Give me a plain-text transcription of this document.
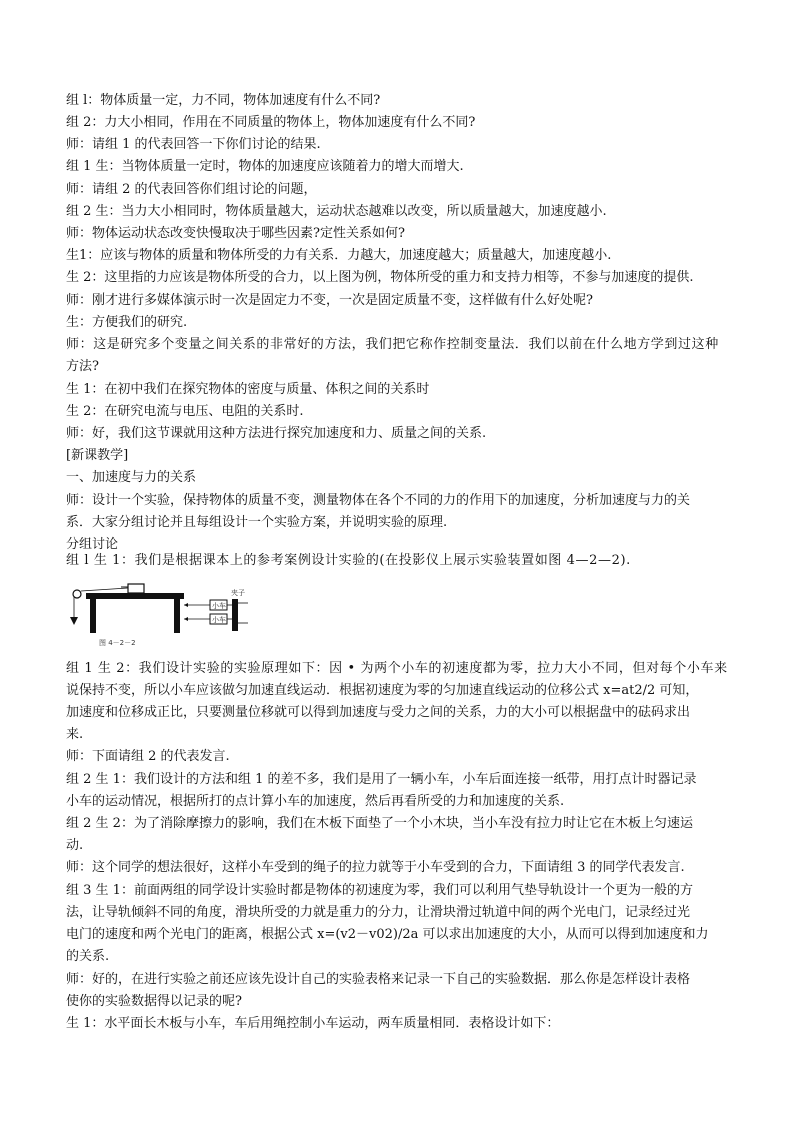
组 l：物体质量一定，力不同，物体加速度有什么不同?
组 2：力大小相同，作用在不同质量的物体上，物体加速度有什么不同?
师：请组 1 的代表回答一下你们讨论的结果.
组 1 生：当物体质量一定时，物体的加速度应该随着力的增大而增大.
师：请组 2 的代表回答你们组讨论的问题，
组 2 生：当力大小相同时，物体质量越大，运动状态越难以改变，所以质量越大，加速度越小.
师：物体运动状态改变快慢取决于哪些因素?定性关系如何?
生1：应该与物体的质量和物体所受的力有关系．力越大，加速度越大；质量越大，加速度越小.
生 2：这里指的力应该是物体所受的合力，以上图为例，物体所受的重力和支持力相等，不参与加速度的提供.
师：刚才进行多媒体演示时一次是固定力不变，一次是固定质量不变，这样做有什么好处呢?
生：方便我们的研究.
师：这是研究多个变量之间关系的非常好的方法，我们把它称作控制变量法．我们以前在什么地方学到过这种
方法?
生 1：在初中我们在探究物体的密度与质量、体积之间的关系时
生 2：在研究电流与电压、电阻的关系时.
师：好，我们这节课就用这种方法进行探究加速度和力、质量之间的关系.
[新课教学]
一、加速度与力的关系
师：设计一个实验，保持物体的质量不变，测量物体在各个不同的力的作用下的加速度，分析加速度与力的关
系．大家分组讨论并且每组设计一个实验方案，并说明实验的原理.
分组讨论
组 l 生 1：我们是根据课本上的参考案例设计实验的(在投影仪上展示实验装置如图 4—2—2).
小车
小车
夹子
图 4－2－2
组 1 生 2：我们设计实验的实验原理如下：因 • 为两个小车的初速度都为零，拉力大小不同，但对每个小车来
说保持不变，所以小车应该做匀加速直线运动．根据初速度为零的匀加速直线运动的位移公式 x=at2/2 可知，
加速度和位移成正比，只要测量位移就可以得到加速度与受力之间的关系，力的大小可以根据盘中的砝码求出
来.
师：下面请组 2 的代表发言.
组 2 生 1：我们设计的方法和组 1 的差不多，我们是用了一辆小车，小车后面连接一纸带，用打点计时器记录
小车的运动情况，根据所打的点计算小车的加速度，然后再看所受的力和加速度的关系.
组 2 生 2：为了消除摩擦力的影响，我们在木板下面垫了一个小木块，当小车没有拉力时让它在木板上匀速运
动.
师：这个同学的想法很好，这样小车受到的绳子的拉力就等于小车受到的合力，下面请组 3 的同学代表发言.
组 3 生 1：前面两组的同学设计实验时都是物体的初速度为零，我们可以利用气垫导轨设计一个更为一般的方
法，让导轨倾斜不同的角度，滑块所受的力就是重力的分力，让滑块滑过轨道中间的两个光电门，记录经过光
电门的速度和两个光电门的距离，根据公式 x=(v2－v02)/2a 可以求出加速度的大小，从而可以得到加速度和力
的关系.
师：好的，在进行实验之前还应该先设计自己的实验表格来记录一下自己的实验数据．那么你是怎样设计表格
使你的实验数据得以记录的呢?
生 1：水平面长木板与小车，车后用绳控制小车运动，两车质量相同．表格设计如下：
